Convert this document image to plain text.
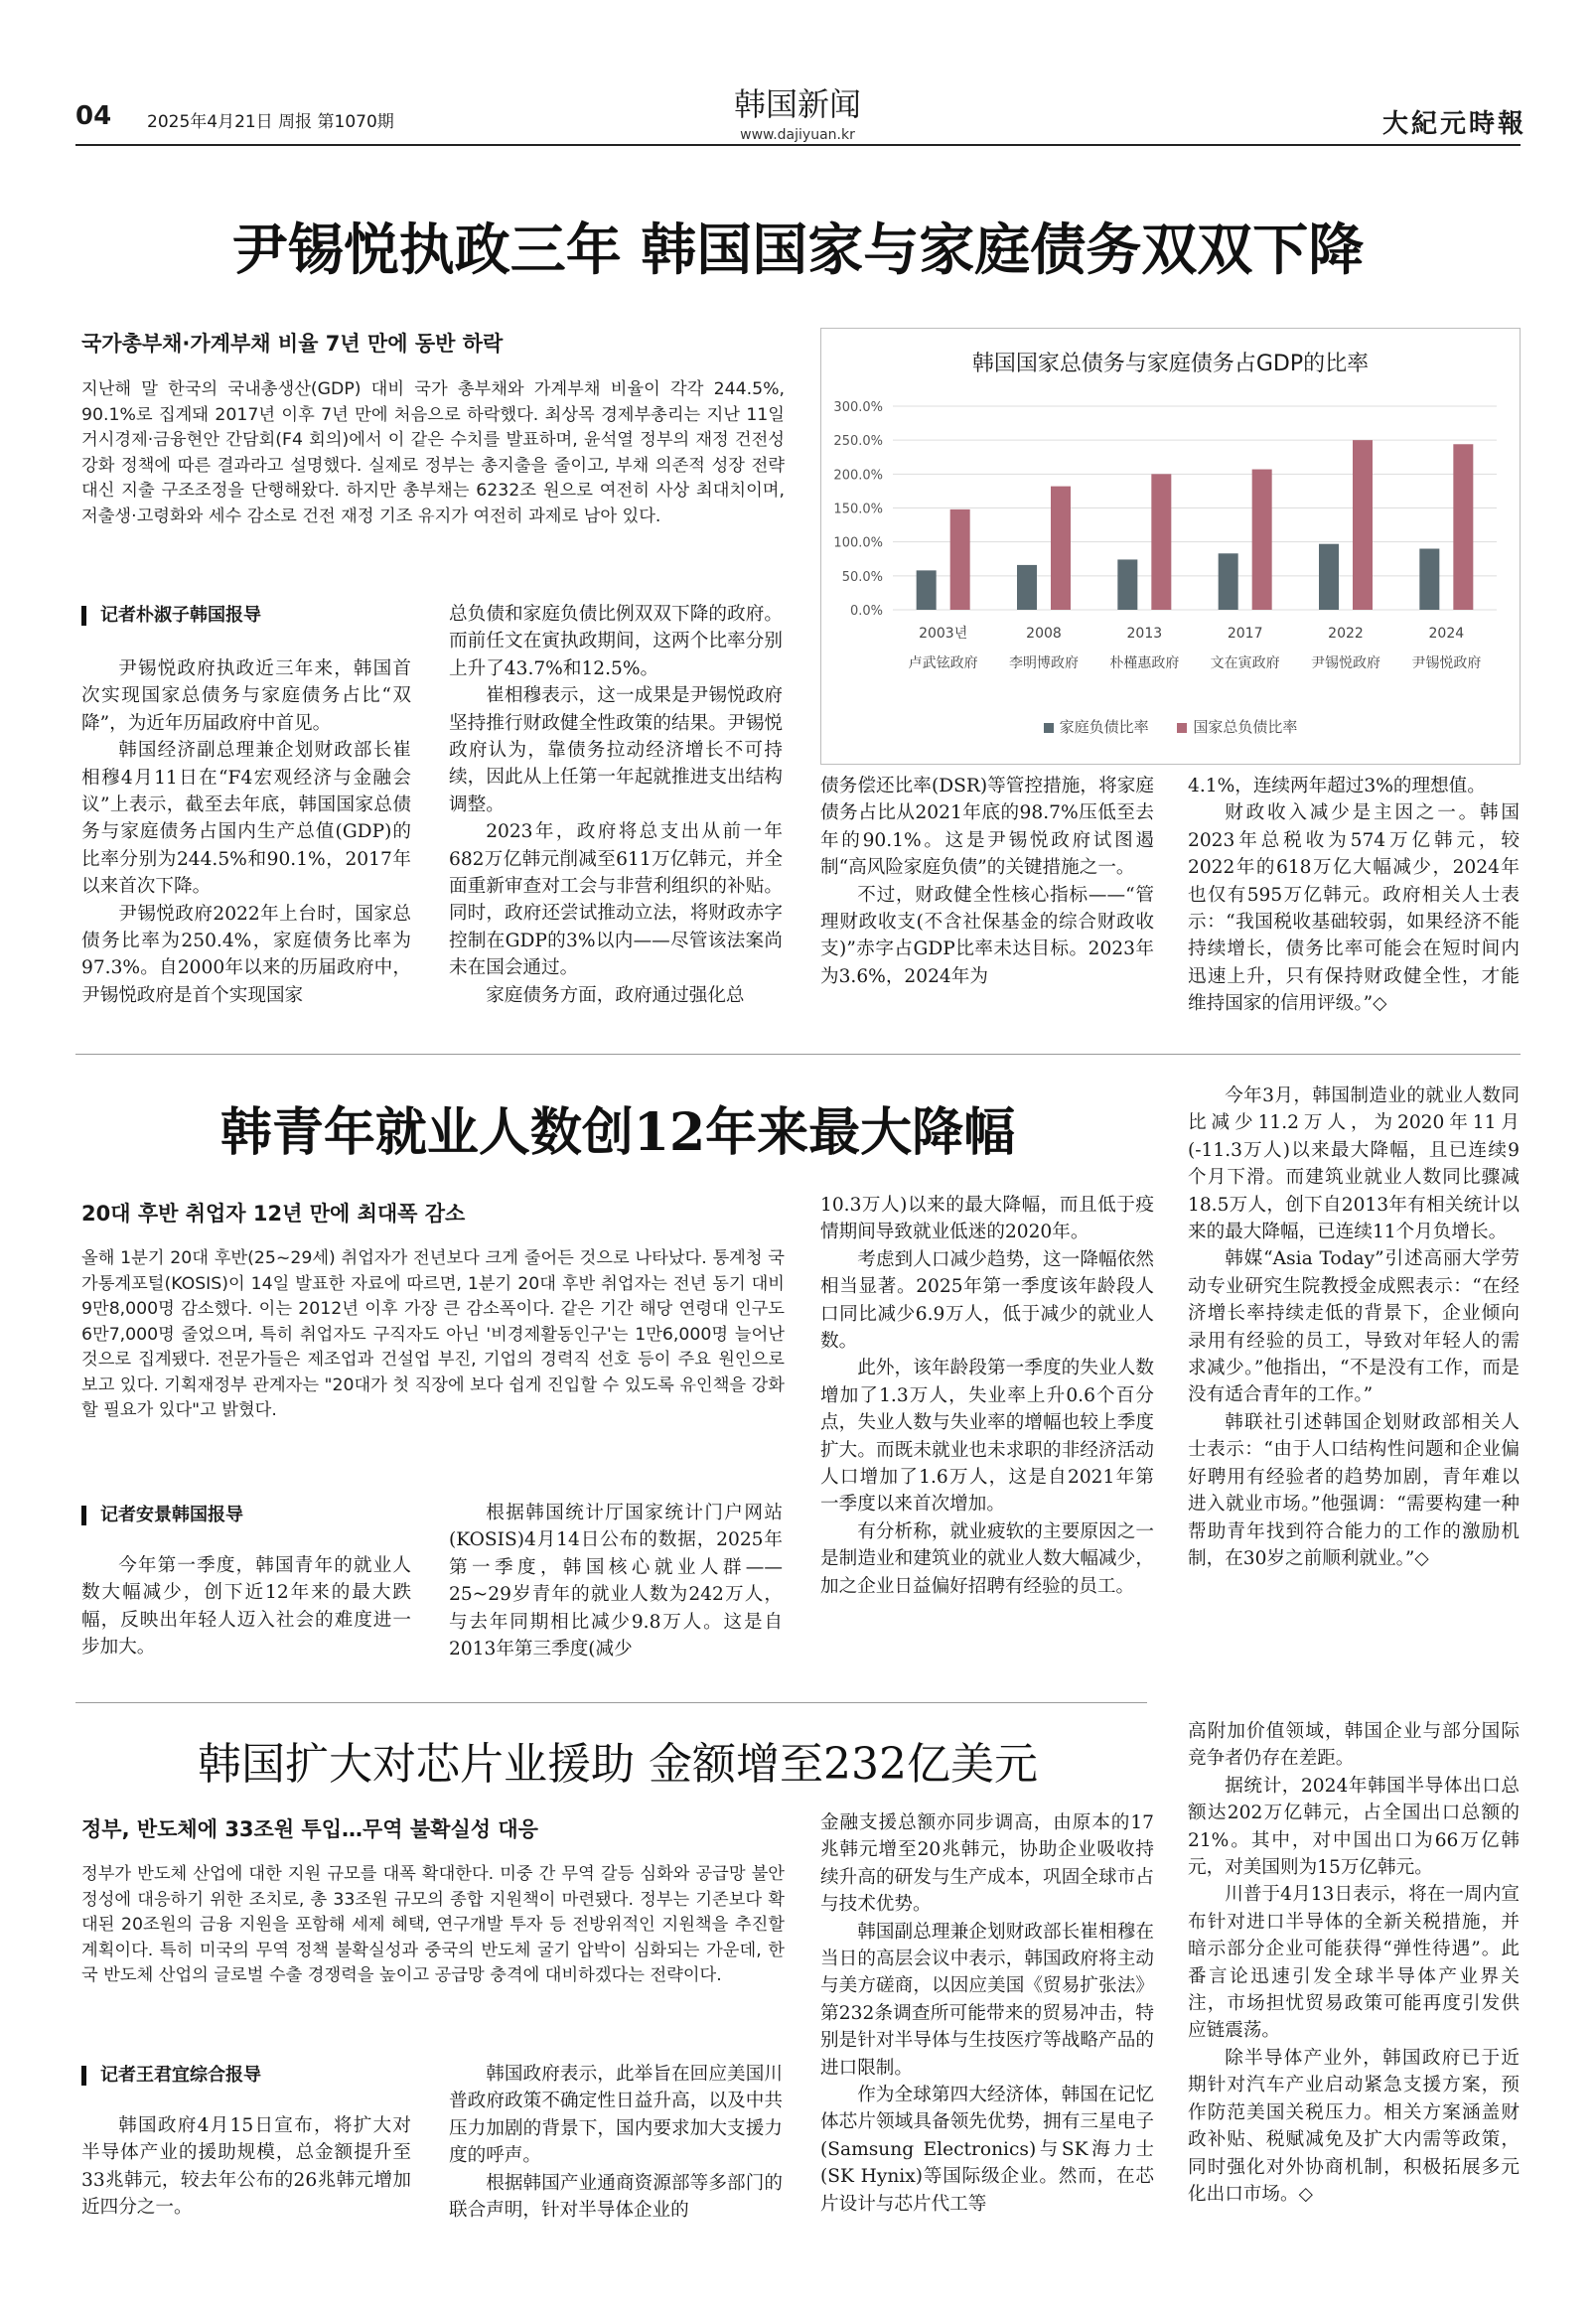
04 2025年4月21日 周报 第1070期	韩国新闻
www.dajiyuan.kr	大紀元時報
尹锡悦执政三年 韩国国家与家庭债务双双下降
국가총부채·가계부채 비율 7년 만에 동반 하락
지난해 말 한국의 국내총생산(GDP) 대비 국가 총부채와 가계부채 비율이 각각 244.5%, 90.1%로 집계돼 2017년 이후 7년 만에 처음으로 하락했다. 최상목 경제부총리는 지난 11일 거시경제·금융현안 간담회(F4 회의)에서 이 같은 수치를 발표하며, 윤석열 정부의 재정 건전성 강화 정책에 따른 결과라고 설명했다. 실제로 정부는 총지출을 줄이고, 부채 의존적 성장 전략 대신 지출 구조조정을 단행해왔다. 하지만 총부채는 6232조 원으로 여전히 사상 최대치이며, 저출생·고령화와 세수 감소로 건전 재정 기조 유지가 여전히 과제로 남아 있다.
记者朴淑子韩国报导

尹锡悦政府执政近三年来，韩国首次实现国家总债务与家庭债务占比“双降”，为近年历届政府中首见。

韩国经济副总理兼企划财政部长崔相穆4月11日在“F4宏观经济与金融会议”上表示，截至去年底，韩国国家总债务与家庭债务占国内生产总值(GDP)的比率分别为244.5%和90.1%，2017年以来首次下降。

尹锡悦政府2022年上台时，国家总债务比率为250.4%，家庭债务比率为97.3%。自2000年以来的历届政府中，尹锡悦政府是首个实现国家

总负债和家庭负债比例双双下降的政府。而前任文在寅执政期间，这两个比率分别上升了43.7%和12.5%。

崔相穆表示，这一成果是尹锡悦政府坚持推行财政健全性政策的结果。尹锡悦政府认为，靠债务拉动经济增长不可持续，因此从上任第一年起就推进支出结构调整。

2023年，政府将总支出从前一年682万亿韩元削减至611万亿韩元，并全面重新审查对工会与非营利组织的补贴。同时，政府还尝试推动立法，将财政赤字控制在GDP的3%以内——尽管该法案尚未在国会通过。

家庭债务方面，政府通过强化总

债务偿还比率(DSR)等管控措施，将家庭债务占比从2021年底的98.7%压低至去年的90.1%。这是尹锡悦政府试图遏制“高风险家庭负债”的关键措施之一。

不过，财政健全性核心指标——“管理财政收支(不含社保基金的综合财政收支)”赤字占GDP比率未达目标。2023年为3.6%，2024年为

4.1%，连续两年超过3%的理想值。

财政收入减少是主因之一。韩国2023年总税收为574万亿韩元，较2022年的618万亿大幅减少，2024年也仅有595万亿韩元。政府相关人士表示：“我国税收基础较弱，如果经济不能持续增长，债务比率可能会在短时间内迅速上升，只有保持财政健全性，才能维持国家的信用评级。”◇

韩国国家总债务与家庭债务占GDP的比率
0.0%
50.0%
100.0%
150.0%
200.0%
250.0%
300.0%
2003년
卢武铉政府
2008
李明博政府
2013
朴槿惠政府
2017
文在寅政府
2022
尹锡悦政府
2024
尹锡悦政府
家庭负债比率	国家总负债比率
韩青年就业人数创12年来最大降幅
20대 후반 취업자 12년 만에 최대폭 감소
올해 1분기 20대 후반(25~29세) 취업자가 전년보다 크게 줄어든 것으로 나타났다. 통계청 국가통계포털(KOSIS)이 14일 발표한 자료에 따르면, 1분기 20대 후반 취업자는 전년 동기 대비 9만8,000명 감소했다. 이는 2012년 이후 가장 큰 감소폭이다. 같은 기간 해당 연령대 인구도 6만7,000명 줄었으며, 특히 취업자도 구직자도 아닌 '비경제활동인구'는 1만6,000명 늘어난 것으로 집계됐다. 전문가들은 제조업과 건설업 부진, 기업의 경력직 선호 등이 주요 원인으로 보고 있다. 기획재정부 관계자는 "20대가 첫 직장에 보다 쉽게 진입할 수 있도록 유인책을 강화할 필요가 있다"고 밝혔다.
记者安景韩国报导

今年第一季度，韩国青年的就业人数大幅减少，创下近12年来的最大跌幅，反映出年轻人迈入社会的难度进一步加大。

根据韩国统计厅国家统计门户网站(KOSIS)4月14日公布的数据，2025年第一季度，韩国核心就业人群——25~29岁青年的就业人数为242万人，与去年同期相比减少9.8万人。这是自2013年第三季度(减少

10.3万人)以来的最大降幅，而且低于疫情期间导致就业低迷的2020年。

考虑到人口减少趋势，这一降幅依然相当显著。2025年第一季度该年龄段人口同比减少6.9万人，低于减少的就业人数。

此外，该年龄段第一季度的失业人数增加了1.3万人，失业率上升0.6个百分点，失业人数与失业率的增幅也较上季度扩大。而既未就业也未求职的非经济活动人口增加了1.6万人，这是自2021年第一季度以来首次增加。

有分析称，就业疲软的主要原因之一是制造业和建筑业的就业人数大幅减少，加之企业日益偏好招聘有经验的员工。

今年3月，韩国制造业的就业人数同比减少11.2万人，为2020年11月(-11.3万人)以来最大降幅，且已连续9个月下滑。而建筑业就业人数同比骤减18.5万人，创下自2013年有相关统计以来的最大降幅，已连续11个月负增长。

韩媒“Asia Today”引述高丽大学劳动专业研究生院教授金成熙表示：“在经济增长率持续走低的背景下，企业倾向录用有经验的员工，导致对年轻人的需求减少。”他指出，“不是没有工作，而是没有适合青年的工作。”

韩联社引述韩国企划财政部相关人士表示：“由于人口结构性问题和企业偏好聘用有经验者的趋势加剧，青年难以进入就业市场。”他强调：“需要构建一种帮助青年找到符合能力的工作的激励机制，在30岁之前顺利就业。”◇

韩国扩大对芯片业援助 金额增至232亿美元
정부, 반도체에 33조원 투입…무역 불확실성 대응
정부가 반도체 산업에 대한 지원 규모를 대폭 확대한다. 미중 간 무역 갈등 심화와 공급망 불안정성에 대응하기 위한 조치로, 총 33조원 규모의 종합 지원책이 마련됐다. 정부는 기존보다 확대된 20조원의 금융 지원을 포함해 세제 혜택, 연구개발 투자 등 전방위적인 지원책을 추진할 계획이다. 특히 미국의 무역 정책 불확실성과 중국의 반도체 굴기 압박이 심화되는 가운데, 한국 반도체 산업의 글로벌 수출 경쟁력을 높이고 공급망 충격에 대비하겠다는 전략이다.
记者王君宜综合报导

韩国政府4月15日宣布，将扩大对半导体产业的援助规模，总金额提升至33兆韩元，较去年公布的26兆韩元增加近四分之一。

韩国政府表示，此举旨在回应美国川普政府政策不确定性日益升高，以及中共压力加剧的背景下，国内要求加大支援力度的呼声。

根据韩国产业通商资源部等多部门的联合声明，针对半导体企业的

金融支援总额亦同步调高，由原本的17兆韩元增至20兆韩元，协助企业吸收持续升高的研发与生产成本，巩固全球市占与技术优势。

韩国副总理兼企划财政部长崔相穆在当日的高层会议中表示，韩国政府将主动与美方磋商，以因应美国《贸易扩张法》第232条调查所可能带来的贸易冲击，特别是针对半导体与生技医疗等战略产品的进口限制。

作为全球第四大经济体，韩国在记忆体芯片领域具备领先优势，拥有三星电子(Samsung Electronics)与SK海力士(SK Hynix)等国际级企业。然而，在芯片设计与芯片代工等

高附加价值领域，韩国企业与部分国际竞争者仍存在差距。

据统计，2024年韩国半导体出口总额达202万亿韩元，占全国出口总额的21%。其中，对中国出口为66万亿韩元，对美国则为15万亿韩元。

川普于4月13日表示，将在一周内宣布针对进口半导体的全新关税措施，并暗示部分企业可能获得“弹性待遇”。此番言论迅速引发全球半导体产业界关注，市场担忧贸易政策可能再度引发供应链震荡。

除半导体产业外，韩国政府已于近期针对汽车产业启动紧急支援方案，预作防范美国关税压力。相关方案涵盖财政补贴、税赋减免及扩大内需等政策，同时强化对外协商机制，积极拓展多元化出口市场。◇
